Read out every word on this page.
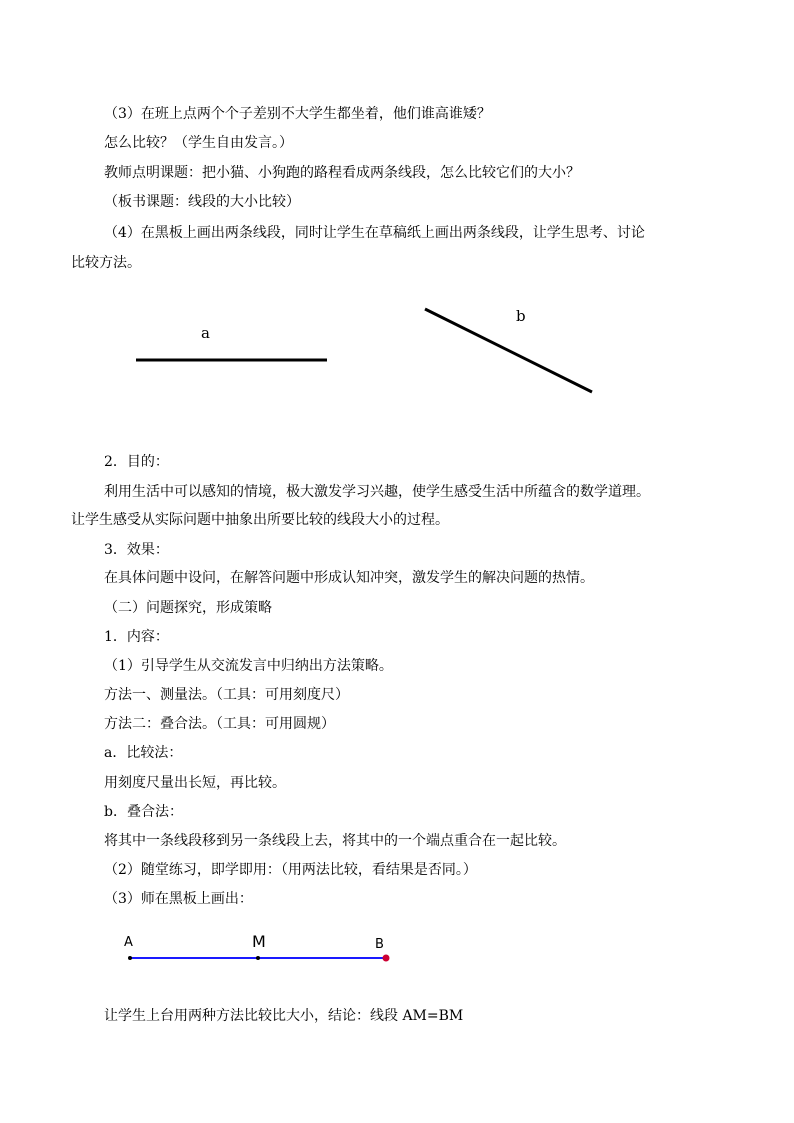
（3）在班上点两个个子差别不大学生都坐着，他们谁高谁矮？
怎么比较？（学生自由发言。）
教师点明课题：把小猫、小狗跑的路程看成两条线段，怎么比较它们的大小？
（板书课题：线段的大小比较）
（4）在黑板上画出两条线段，同时让学生在草稿纸上画出两条线段，让学生思考、讨论
比较方法。
a
b
2．目的：
利用生活中可以感知的情境，极大激发学习兴趣，使学生感受生活中所蕴含的数学道理。
让学生感受从实际问题中抽象出所要比较的线段大小的过程。
3．效果：
在具体问题中设问，在解答问题中形成认知冲突，激发学生的解决问题的热情。
（二）问题探究，形成策略
1．内容：
（1）引导学生从交流发言中归纳出方法策略。
方法一、测量法。（工具：可用刻度尺）
方法二：叠合法。（工具：可用圆规）
a．比较法：
用刻度尺量出长短，再比较。
b．叠合法：
将其中一条线段移到另一条线段上去，将其中的一个端点重合在一起比较。
（2）随堂练习，即学即用：（用两法比较，看结果是否同。）
（3）师在黑板上画出：
A	M	B
让学生上台用两种方法比较比大小，结论：线段 AM=BM
